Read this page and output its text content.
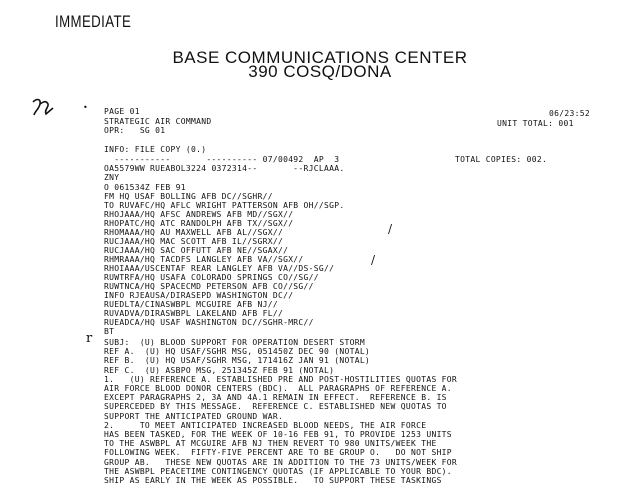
IMMEDIATE
BASE COMMUNICATIONS CENTER
390 COSQ/DONA
• PAGE 01
STRATEGIC AIR COMMAND
OPR:   SG 01
06/23:52
UNIT TOTAL: 001
INFO: FILE COPY (0.)
-----------       ---------- 07/00492  AP  3	TOTAL COPIES: 002.
OA5579WW RUEABOL3224 0372314--       --RJCLAAA.
ZNY
O 061534Z FEB 91
FM HQ USAF BOLLING AFB DC//SGHR//
TO RUVAFC/HQ AFLC WRIGHT PATTERSON AFB OH//SGP.
RHOJAAA/HQ AFSC ANDREWS AFB MD//SGX//
RHOPATC/HQ ATC RANDOLPH AFB TX//SGX//
RHOMAAA/HQ AU MAXWELL AFB AL//SGX//
RUCJAAA/HQ MAC SCOTT AFB IL//SGRX//
RUCJAAA/HQ SAC OFFUTT AFB NE//SGAX//
RHMRAAA/HQ TACDFS LANGLEY AFB VA//SGX//
RHOIAAA/USCENTAF REAR LANGLEY AFB VA//DS-SG//
RUWTRFA/HQ USAFA COLORADO SPRINGS CO//SG//
RUWTNCA/HQ SPACECMD PETERSON AFB CO//SG//
INFO RJEAUSA/DIRASEPD WASHINGTON DC//
RUEDLTA/CINASWBPL MCGUIRE AFB NJ//
RUVADVA/DIRASWBPL LAKELAND AFB FL//
RUEADCA/HQ USAF WASHINGTON DC//SGHR-MRC//
BT
/
/
r SUBJ:  (U) BLOOD SUPPORT FOR OPERATION DESERT STORM
REF A.  (U) HQ USAF/SGHR MSG, 051450Z DEC 90 (NOTAL)
REF B.  (U) HQ USAF/SGHR MSG, 171416Z JAN 91 (NOTAL)
REF C.  (U) ASBPO MSG, 251345Z FEB 91 (NOTAL)
1.   (U) REFERENCE A. ESTABLISHED PRE AND POST-HOSTILITIES QUOTAS FOR
AIR FORCE BLOOD DONOR CENTERS (BDC).  ALL PARAGRAPHS OF REFERENCE A.
EXCEPT PARAGRAPHS 2, 3A AND 4A.1 REMAIN IN EFFECT.  REFERENCE B. IS
SUPERCEDED BY THIS MESSAGE.  REFERENCE C. ESTABLISHED NEW QUOTAS TO
SUPPORT THE ANTICIPATED GROUND WAR.
2.     TO MEET ANTICIPATED INCREASED BLOOD NEEDS, THE AIR FORCE
HAS BEEN TASKED, FOR THE WEEK OF 10-16 FEB 91, TO PROVIDE 1253 UNITS
TO THE ASWBPL AT MCGUIRE AFB NJ THEN REVERT TO 980 UNITS/WEEK THE
FOLLOWING WEEK.  FIFTY-FIVE PERCENT ARE TO BE GROUP O.   DO NOT SHIP
GROUP AB.   THESE NEW QUOTAS ARE IN ADDITION TO THE 73 UNITS/WEEK FOR
THE ASWBPL PEACETIME CONTINGENCY QUOTAS (IF APPLICABLE TO YOUR BDC).
SHIP AS EARLY IN THE WEEK AS POSSIBLE.   TO SUPPORT THESE TASKINGS
